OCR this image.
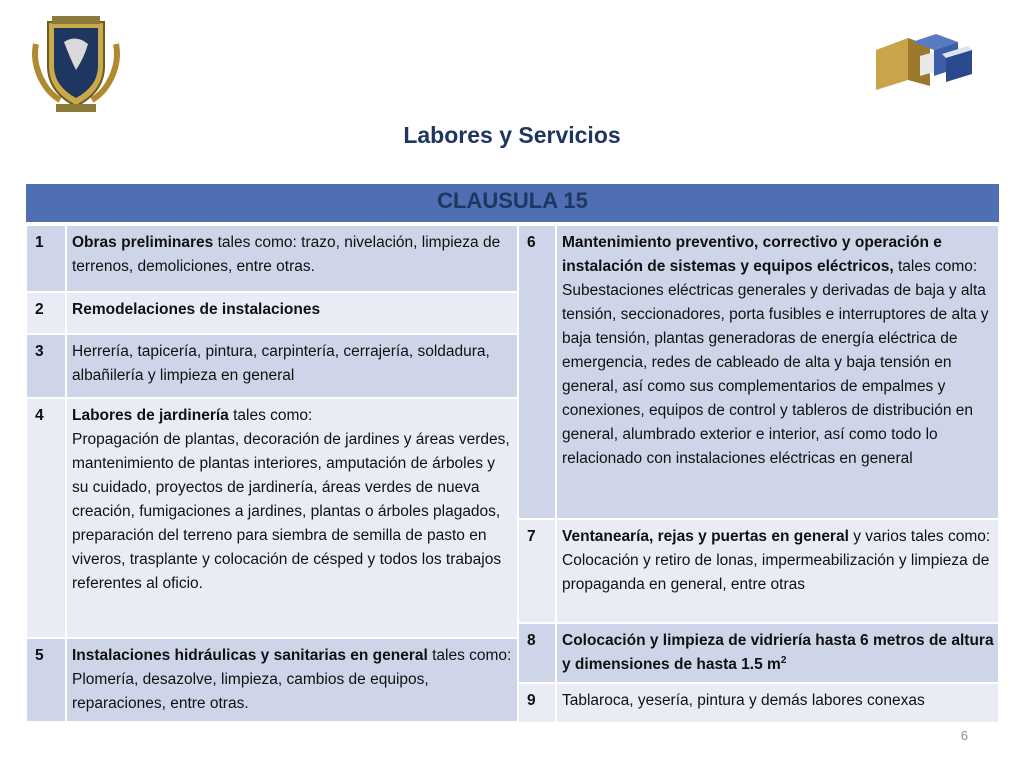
Labores y Servicios
CLAUSULA 15
1	Obras preliminares tales como: trazo, nivelación, limpieza de terrenos, demoliciones, entre otras.
2	Remodelaciones de instalaciones
3	Herrería, tapicería, pintura, carpintería, cerrajería, soldadura, albañilería y limpieza en general
4	Labores de jardinería tales como:
Propagación de plantas, decoración de jardines y áreas verdes, mantenimiento de plantas interiores, amputación de árboles y su cuidado, proyectos de jardinería, áreas verdes de nueva creación, fumigaciones a jardines, plantas o árboles plagados, preparación del terreno para siembra de semilla de pasto en viveros, trasplante y colocación de césped y todos los trabajos referentes al oficio.
5	Instalaciones hidráulicas y sanitarias en general tales como: Plomería, desazolve, limpieza, cambios de equipos, reparaciones, entre otras.
6	Mantenimiento preventivo, correctivo y operación e instalación de sistemas y equipos eléctricos, tales como: Subestaciones eléctricas generales y derivadas de baja y alta tensión, seccionadores, porta fusibles e interruptores de alta y baja tensión, plantas generadoras de energía eléctrica de emergencia, redes de cableado de alta y baja tensión en general, así como sus complementarios de empalmes y conexiones, equipos de control y tableros de distribución en general, alumbrado exterior e interior, así como todo lo relacionado con instalaciones eléctricas en general
7	Ventaneаría, rejas y puertas en general y varios tales como: Colocación y retiro de lonas, impermeabilización y limpieza de propaganda en general, entre otras
8	Colocación y limpieza de vidriería hasta 6 metros de altura y dimensiones de hasta 1.5 $m^2$
9	Tablaroca, yesería, pintura y demás labores conexas
6
